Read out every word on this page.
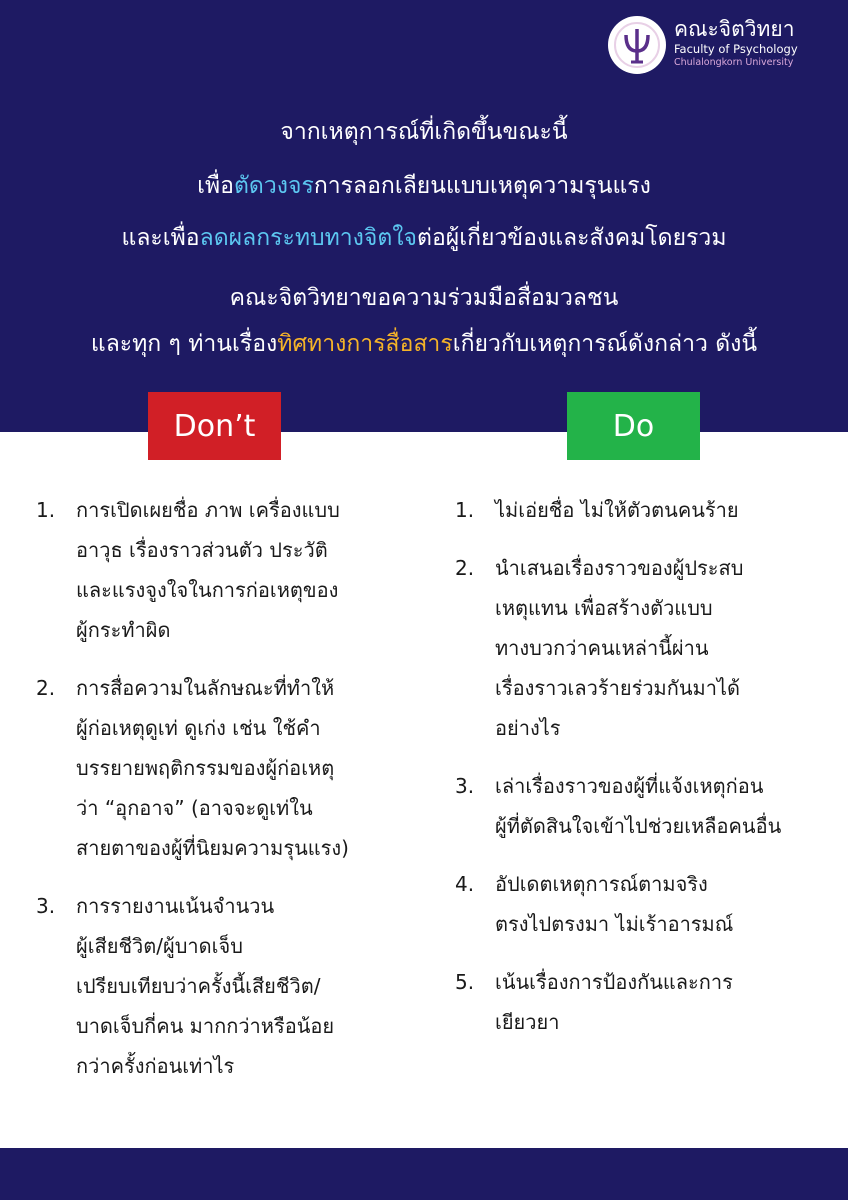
คณะจิตวิทยา
Faculty of Psychology
Chulalongkorn University
จากเหตุการณ์ที่เกิดขึ้นขณะนี้
เพื่อตัดวงจรการลอกเลียนแบบเหตุความรุนแรง
และเพื่อลดผลกระทบทางจิตใจต่อผู้เกี่ยวข้องและสังคมโดยรวม
คณะจิตวิทยาขอความร่วมมือสื่อมวลชน
และทุก ๆ ท่านเรื่องทิศทางการสื่อสารเกี่ยวกับเหตุการณ์ดังกล่าว ดังนี้
Don’t	Do
1. การเปิดเผยชื่อ ภาพ เครื่องแบบ
อาวุธ เรื่องราวส่วนตัว ประวัติ
และแรงจูงใจในการก่อเหตุของ
ผู้กระทำผิด
2. การสื่อความในลักษณะที่ทำให้
ผู้ก่อเหตุดูเท่ ดูเก่ง เช่น ใช้คำ
บรรยายพฤติกรรมของผู้ก่อเหตุ
ว่า “อุกอาจ” (อาจจะดูเท่ใน
สายตาของผู้ที่นิยมความรุนแรง)
3. การรายงานเน้นจำนวน
ผู้เสียชีวิต/ผู้บาดเจ็บ
เปรียบเทียบว่าครั้งนี้เสียชีวิต/
บาดเจ็บกี่คน มากกว่าหรือน้อย
กว่าครั้งก่อนเท่าไร
1. ไม่เอ่ยชื่อ ไม่ให้ตัวตนคนร้าย
2. นำเสนอเรื่องราวของผู้ประสบ
เหตุแทน เพื่อสร้างตัวแบบ
ทางบวกว่าคนเหล่านี้ผ่าน
เรื่องราวเลวร้ายร่วมกันมาได้
อย่างไร
3. เล่าเรื่องราวของผู้ที่แจ้งเหตุก่อน
ผู้ที่ตัดสินใจเข้าไปช่วยเหลือคนอื่น
4. อัปเดตเหตุการณ์ตามจริง
ตรงไปตรงมา ไม่เร้าอารมณ์
5. เน้นเรื่องการป้องกันและการ
เยียวยา
